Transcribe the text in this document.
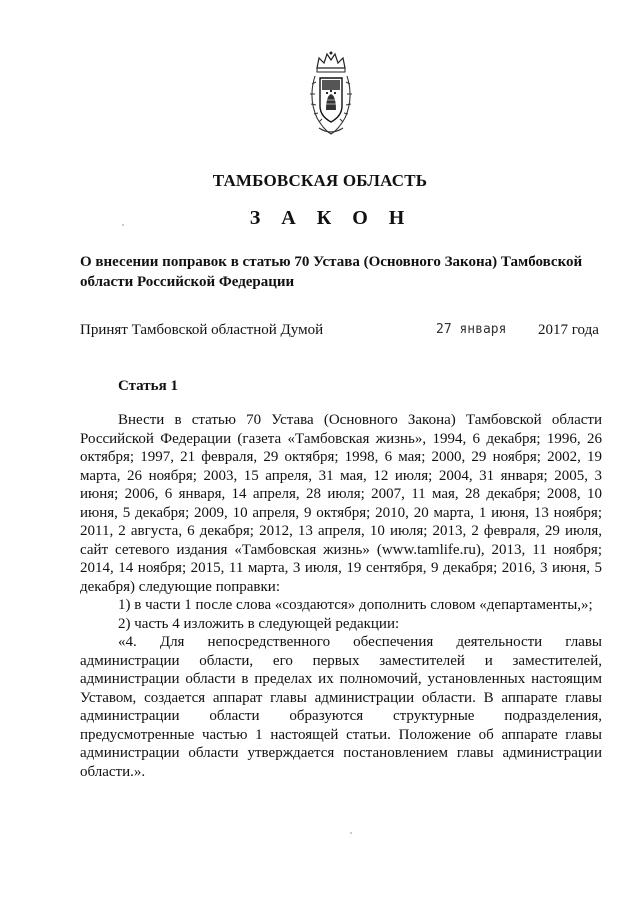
ТАМБОВСКАЯ ОБЛАСТЬ
З А К О Н
О внесении поправок в статью 70 Устава (Основного Закона) Тамбовской области Российской Федерации
Принят Тамбовской областной Думой	27 января 2017 года
Статья 1

Внести в статью 70 Устава (Основного Закона) Тамбовской области Российской Федерации (газета «Тамбовская жизнь», 1994, 6 декабря; 1996, 26 октября; 1997, 21 февраля, 29 октября; 1998, 6 мая; 2000, 29 ноября; 2002, 19 марта, 26 ноября; 2003, 15 апреля, 31 мая, 12 июля; 2004, 31 января; 2005, 3 июня; 2006, 6 января, 14 апреля, 28 июля; 2007, 11 мая, 28 декабря; 2008, 10 июня, 5 декабря; 2009, 10 апреля, 9 октября; 2010, 20 марта, 1 июня, 13 ноября; 2011, 2 августа, 6 декабря; 2012, 13 апреля, 10 июля; 2013, 2 февраля, 29 июля, сайт сетевого издания «Тамбовская жизнь» (www.tamlife.ru), 2013, 11 ноября; 2014, 14 ноября; 2015, 11 марта, 3 июля, 19 сентября, 9 декабря; 2016, 3 июня, 5 декабря) следующие поправки:

1) в части 1 после слова «создаются» дополнить словом «департаменты,»;

2) часть 4 изложить в следующей редакции:

«4. Для непосредственного обеспечения деятельности главы администрации области, его первых заместителей и заместителей, администрации области в пределах их полномочий, установленных настоящим Уставом, создается аппарат главы администрации области. В аппарате главы администрации области образуются структурные подразделения, предусмотренные частью 1 настоящей статьи. Положение об аппарате главы администрации области утверждается постановлением главы администрации области.».
